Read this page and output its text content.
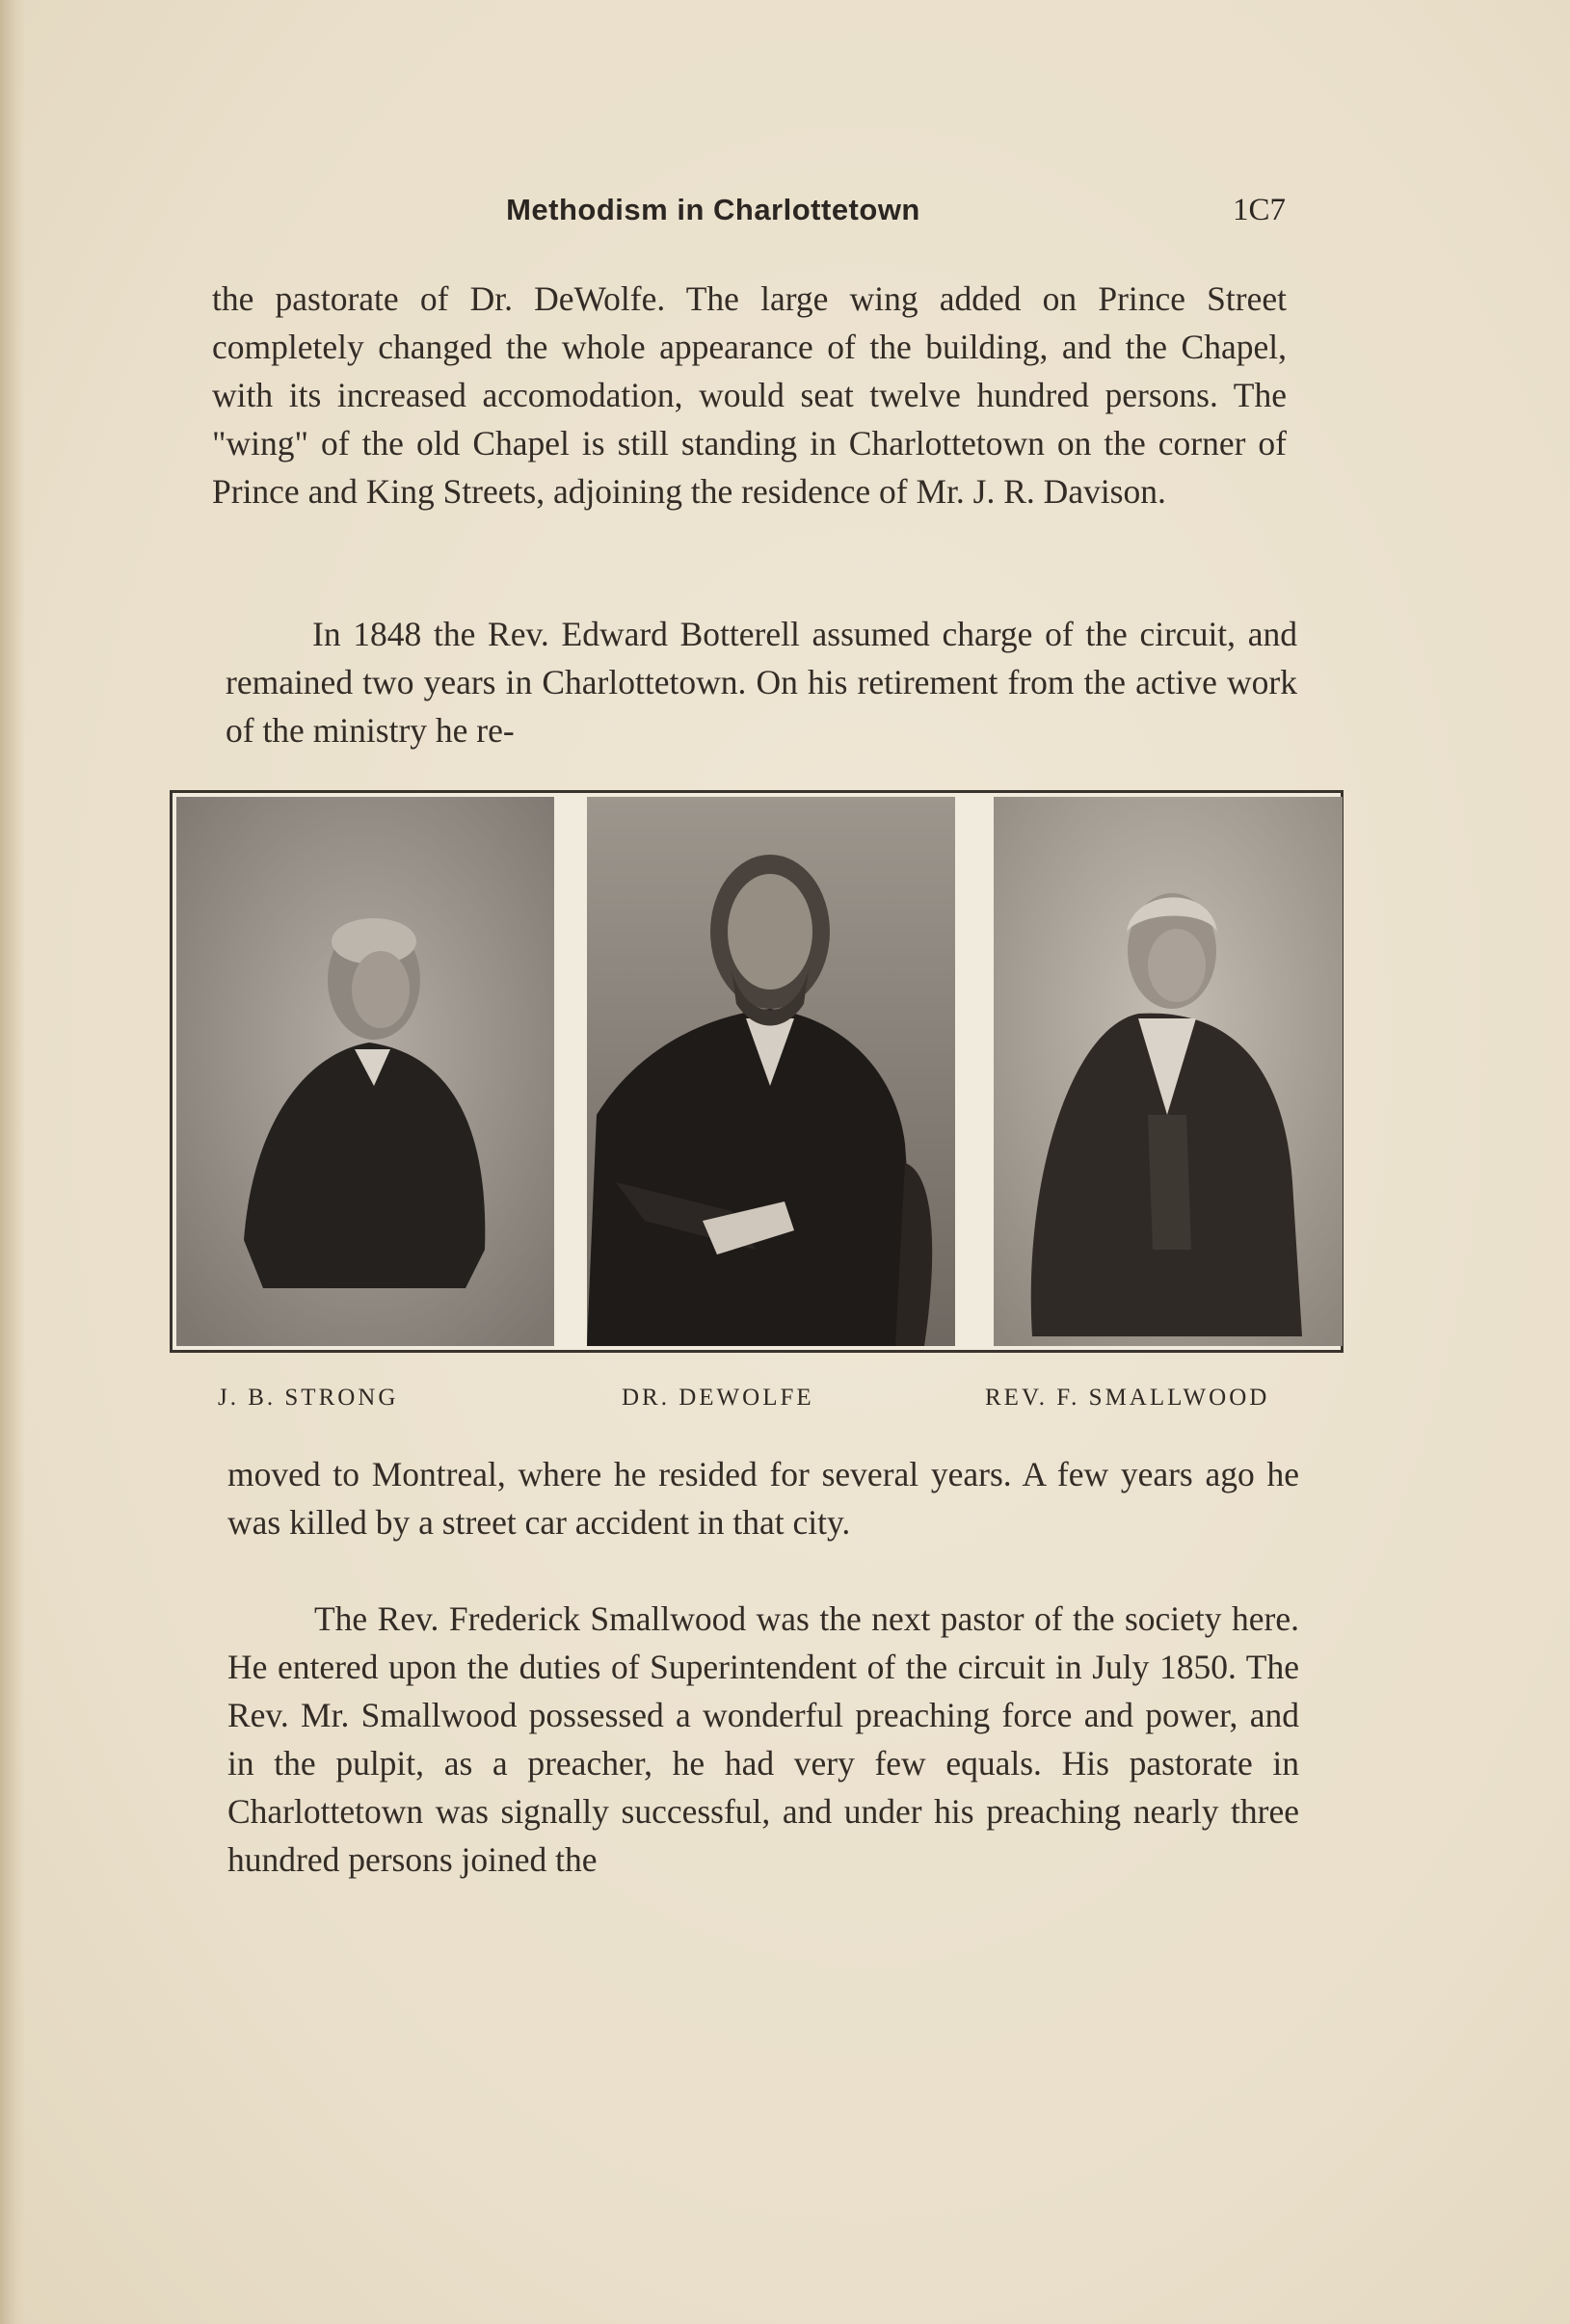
Methodism in Charlottetown	1C7

the pastorate of Dr. DeWolfe. The large wing added on Prince Street completely changed the whole appearance of the building, and the Chapel, with its increased accomodation, would seat twelve hundred persons. The "wing" of the old Chapel is still standing in Charlottetown on the corner of Prince and King Streets, adjoining the residence of Mr. J. R. Davison.

In 1848 the Rev. Edward Botterell assumed charge of the circuit, and remained two years in Charlottetown. On his retirement from the active work of the ministry he re-

J. B. STRONG	DR. DEWOLFE	REV. F. SMALLWOOD

moved to Montreal, where he resided for several years. A few years ago he was killed by a street car accident in that city.

The Rev. Frederick Smallwood was the next pastor of the society here. He entered upon the duties of Superintendent of the circuit in July 1850. The Rev. Mr. Smallwood possessed a wonderful preaching force and power, and in the pulpit, as a preacher, he had very few equals. His pastorate in Charlottetown was signally successful, and under his preaching nearly three hundred persons joined the
